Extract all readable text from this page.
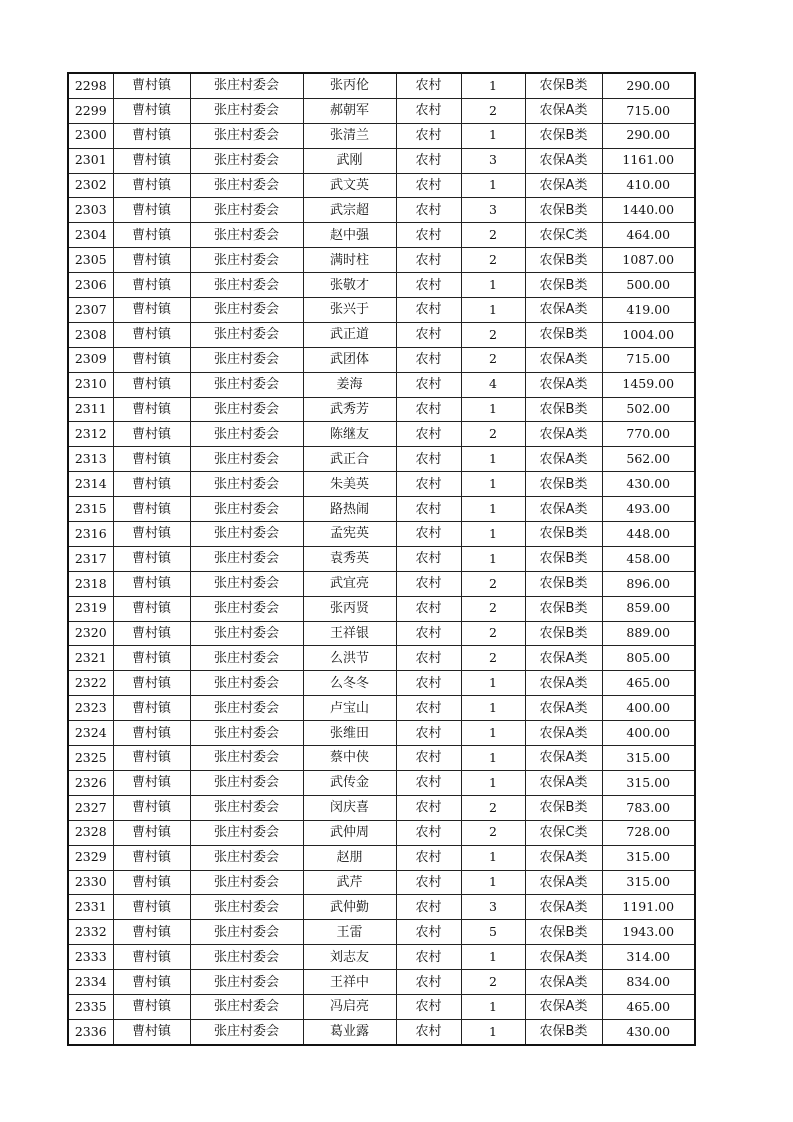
2298	曹村镇	张庄村委会	张丙伦	农村	1	农保B类	290.00
2299	曹村镇	张庄村委会	郝朝军	农村	2	农保A类	715.00
2300	曹村镇	张庄村委会	张清兰	农村	1	农保B类	290.00
2301	曹村镇	张庄村委会	武刚	农村	3	农保A类	1161.00
2302	曹村镇	张庄村委会	武文英	农村	1	农保A类	410.00
2303	曹村镇	张庄村委会	武宗超	农村	3	农保B类	1440.00
2304	曹村镇	张庄村委会	赵中强	农村	2	农保C类	464.00
2305	曹村镇	张庄村委会	满时柱	农村	2	农保B类	1087.00
2306	曹村镇	张庄村委会	张敬才	农村	1	农保B类	500.00
2307	曹村镇	张庄村委会	张兴于	农村	1	农保A类	419.00
2308	曹村镇	张庄村委会	武正道	农村	2	农保B类	1004.00
2309	曹村镇	张庄村委会	武团体	农村	2	农保A类	715.00
2310	曹村镇	张庄村委会	姜海	农村	4	农保A类	1459.00
2311	曹村镇	张庄村委会	武秀芳	农村	1	农保B类	502.00
2312	曹村镇	张庄村委会	陈继友	农村	2	农保A类	770.00
2313	曹村镇	张庄村委会	武正合	农村	1	农保A类	562.00
2314	曹村镇	张庄村委会	朱美英	农村	1	农保B类	430.00
2315	曹村镇	张庄村委会	路热闹	农村	1	农保A类	493.00
2316	曹村镇	张庄村委会	孟宪英	农村	1	农保B类	448.00
2317	曹村镇	张庄村委会	袁秀英	农村	1	农保B类	458.00
2318	曹村镇	张庄村委会	武宜亮	农村	2	农保B类	896.00
2319	曹村镇	张庄村委会	张丙贤	农村	2	农保B类	859.00
2320	曹村镇	张庄村委会	王祥银	农村	2	农保B类	889.00
2321	曹村镇	张庄村委会	么洪节	农村	2	农保A类	805.00
2322	曹村镇	张庄村委会	么冬冬	农村	1	农保A类	465.00
2323	曹村镇	张庄村委会	卢宝山	农村	1	农保A类	400.00
2324	曹村镇	张庄村委会	张维田	农村	1	农保A类	400.00
2325	曹村镇	张庄村委会	蔡中侠	农村	1	农保A类	315.00
2326	曹村镇	张庄村委会	武传金	农村	1	农保A类	315.00
2327	曹村镇	张庄村委会	闵庆喜	农村	2	农保B类	783.00
2328	曹村镇	张庄村委会	武仲周	农村	2	农保C类	728.00
2329	曹村镇	张庄村委会	赵朋	农村	1	农保A类	315.00
2330	曹村镇	张庄村委会	武芹	农村	1	农保A类	315.00
2331	曹村镇	张庄村委会	武仲勤	农村	3	农保A类	1191.00
2332	曹村镇	张庄村委会	王雷	农村	5	农保B类	1943.00
2333	曹村镇	张庄村委会	刘志友	农村	1	农保A类	314.00
2334	曹村镇	张庄村委会	王祥中	农村	2	农保A类	834.00
2335	曹村镇	张庄村委会	冯启亮	农村	1	农保A类	465.00
2336	曹村镇	张庄村委会	葛业露	农村	1	农保B类	430.00
